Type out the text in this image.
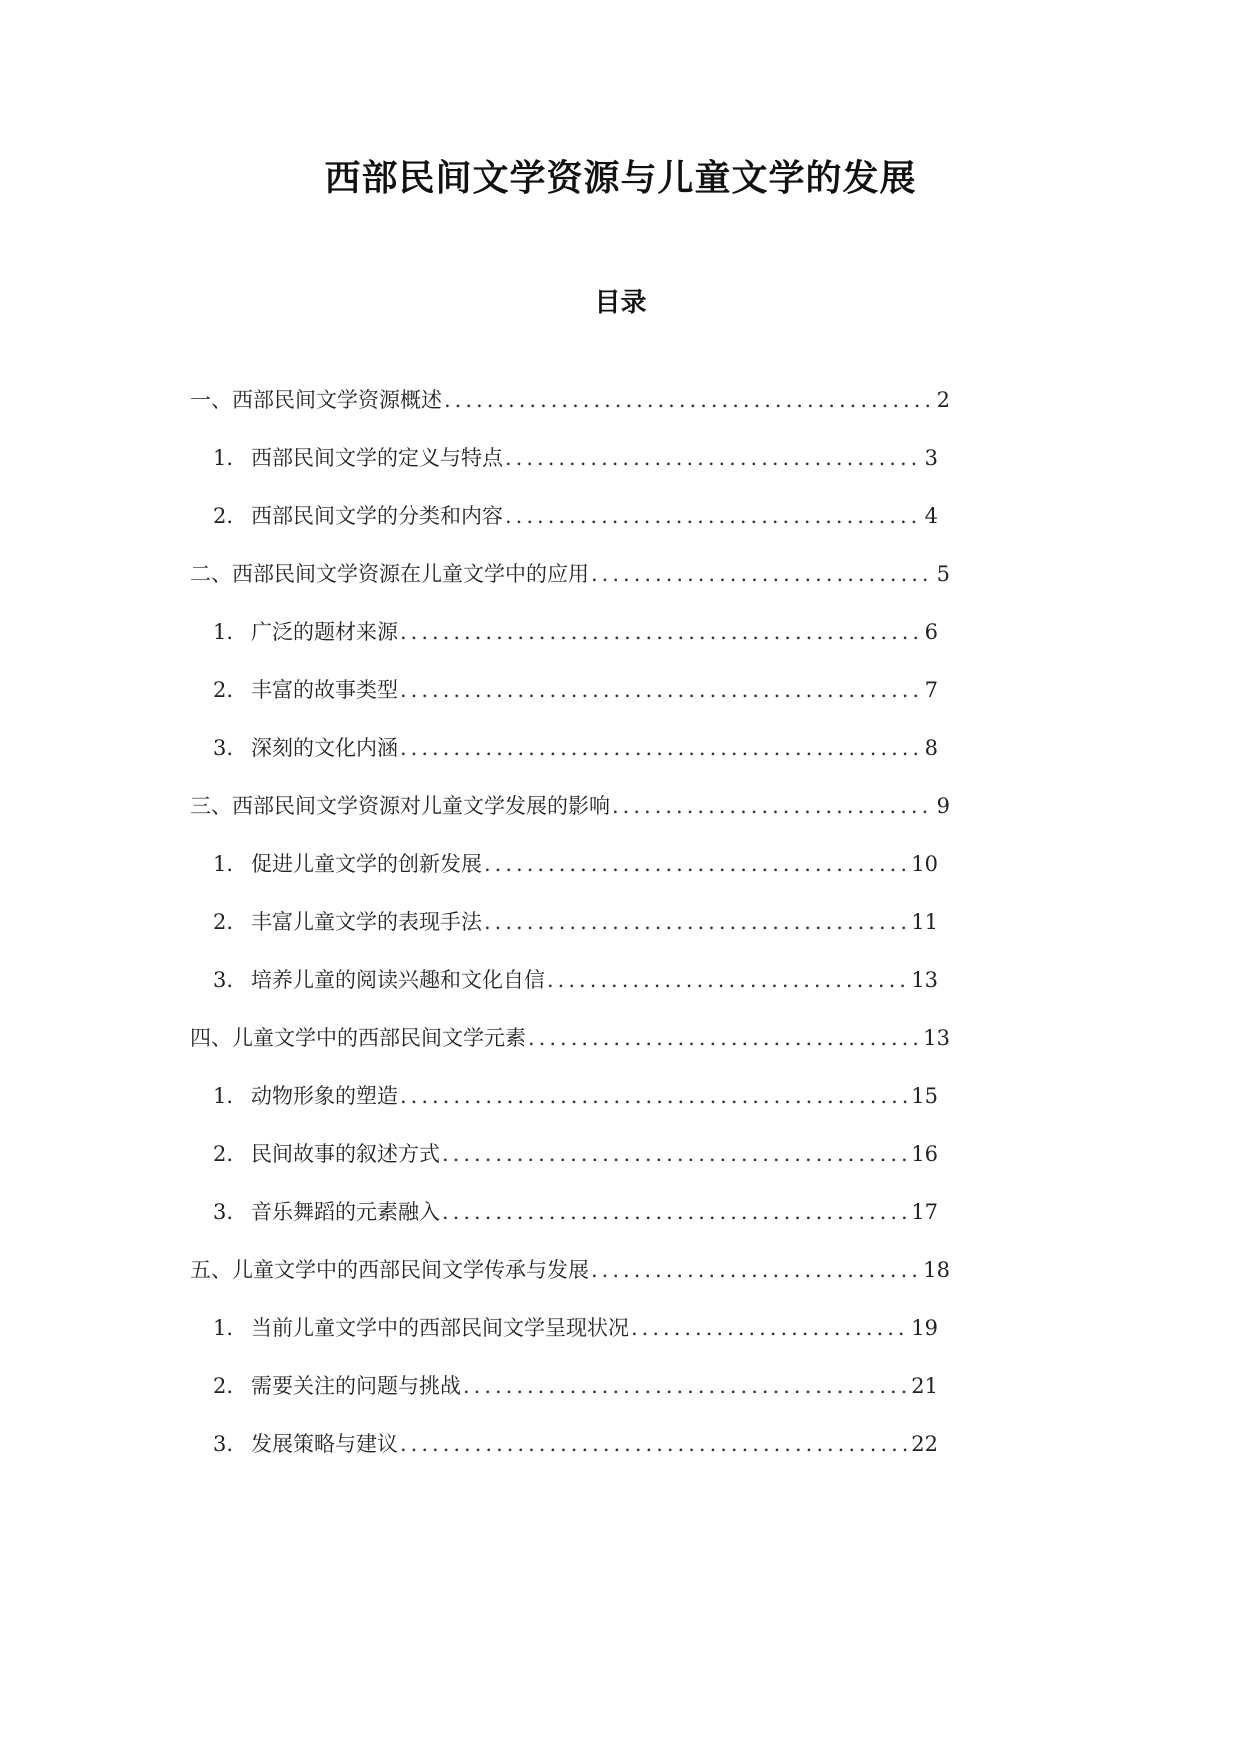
西部民间文学资源与儿童文学的发展
目录
一、西部民间文学资源概述 .....	2
1. 西部民间文学的定义与特点 .....	3
2. 西部民间文学的分类和内容 .....	4
二、西部民间文学资源在儿童文学中的应用 .....	5
1. 广泛的题材来源 .....	6
2. 丰富的故事类型 .....	7
3. 深刻的文化内涵 .....	8
三、西部民间文学资源对儿童文学发展的影响 .....	9
1. 促进儿童文学的创新发展 .....	10
2. 丰富儿童文学的表现手法 .....	11
3. 培养儿童的阅读兴趣和文化自信 .....	13
四、儿童文学中的西部民间文学元素 .....	13
1. 动物形象的塑造 .....	15
2. 民间故事的叙述方式 .....	16
3. 音乐舞蹈的元素融入 .....	17
五、儿童文学中的西部民间文学传承与发展 .....	18
1. 当前儿童文学中的西部民间文学呈现状况 .....	19
2. 需要关注的问题与挑战 .....	21
3. 发展策略与建议 .....	22
